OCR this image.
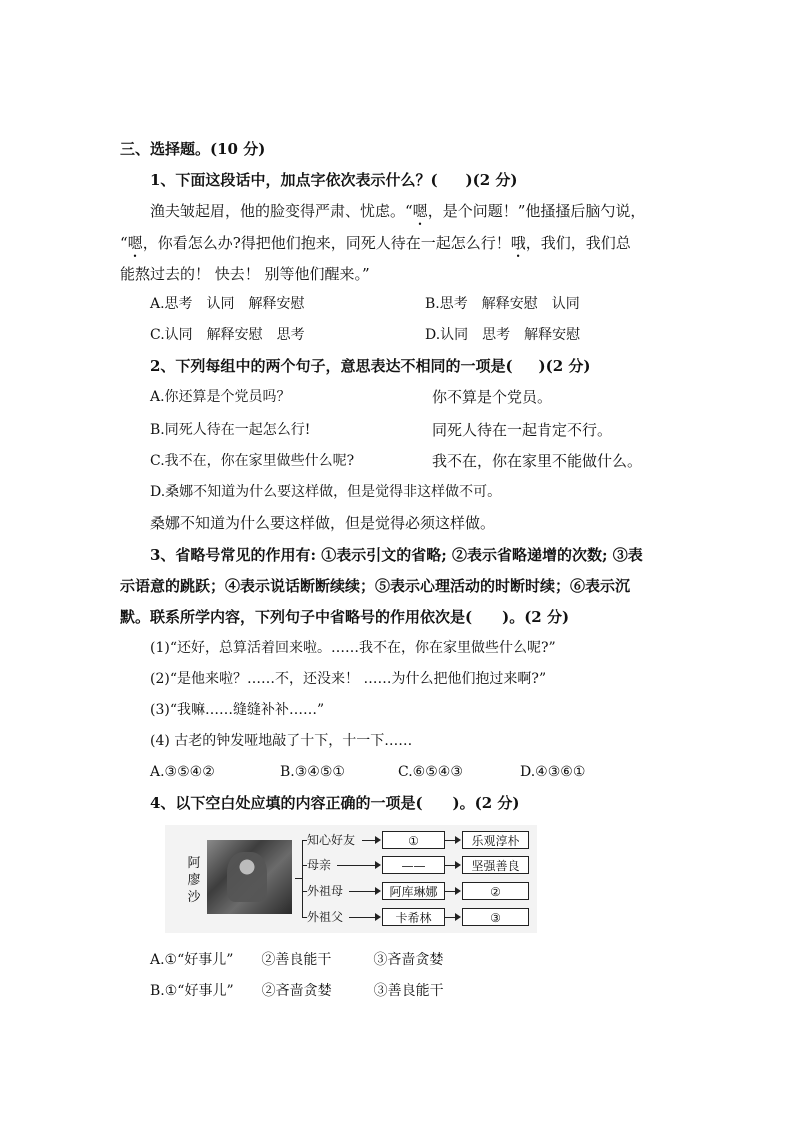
三、选择题。(10 分)
1、下面这段话中，加点字依次表示什么？( )(2 分)
渔夫皱起眉，他的脸变得严肃、忧虑。“嗯，是个问题！”他搔搔后脑勺说，
“嗯，你看怎么办?得把他们抱来，同死人待在一起怎么行！哦，我们，我们总
能熬过去的！ 快去！ 别等他们醒来。”
A.思考　认同　解释安慰	B.思考　解释安慰　认同
C.认同　解释安慰　思考	D.认同　思考　解释安慰
2、下列每组中的两个句子，意思表达不相同的一项是( )(2 分)
A.你还算是个党员吗？	你不算是个党员。
B.同死人待在一起怎么行!	同死人待在一起肯定不行。
C.我不在，你在家里做些什么呢?	我不在，你在家里不能做什么。
D.桑娜不知道为什么要这样做，但是觉得非这样做不可。
桑娜不知道为什么要这样做，但是觉得必须这样做。
3、省略号常见的作用有: ①表示引文的省略; ②表示省略递增的次数; ③表
示语意的跳跃；④表示说话断断续续；⑤表示心理活动的时断时续；⑥表示沉
默。联系所学内容，下列句子中省略号的作用依次是( )。(2 分)
(1)“还好，总算活着回来啦。……我不在，你在家里做些什么呢?”
(2)“是他来啦？……不，还没来！ ……为什么把他们抱过来啊?”
(3)“我嘛……缝缝补补……”
(4) 古老的钟发哑地敲了十下，十一下……
A.③⑤④②	B.③④⑤①	C.⑥⑤④③	D.④③⑥①
4、以下空白处应填的内容正确的一项是( )。(2 分)
阿廖沙
知心好友	①	乐观淳朴
母亲	——	坚强善良
外祖母	阿库琳娜	②
外祖父	卡希林	③
A.①“好事儿”　　②善良能干　　　③吝啬贪婪
B.①“好事儿”　　②吝啬贪婪　　　③善良能干
